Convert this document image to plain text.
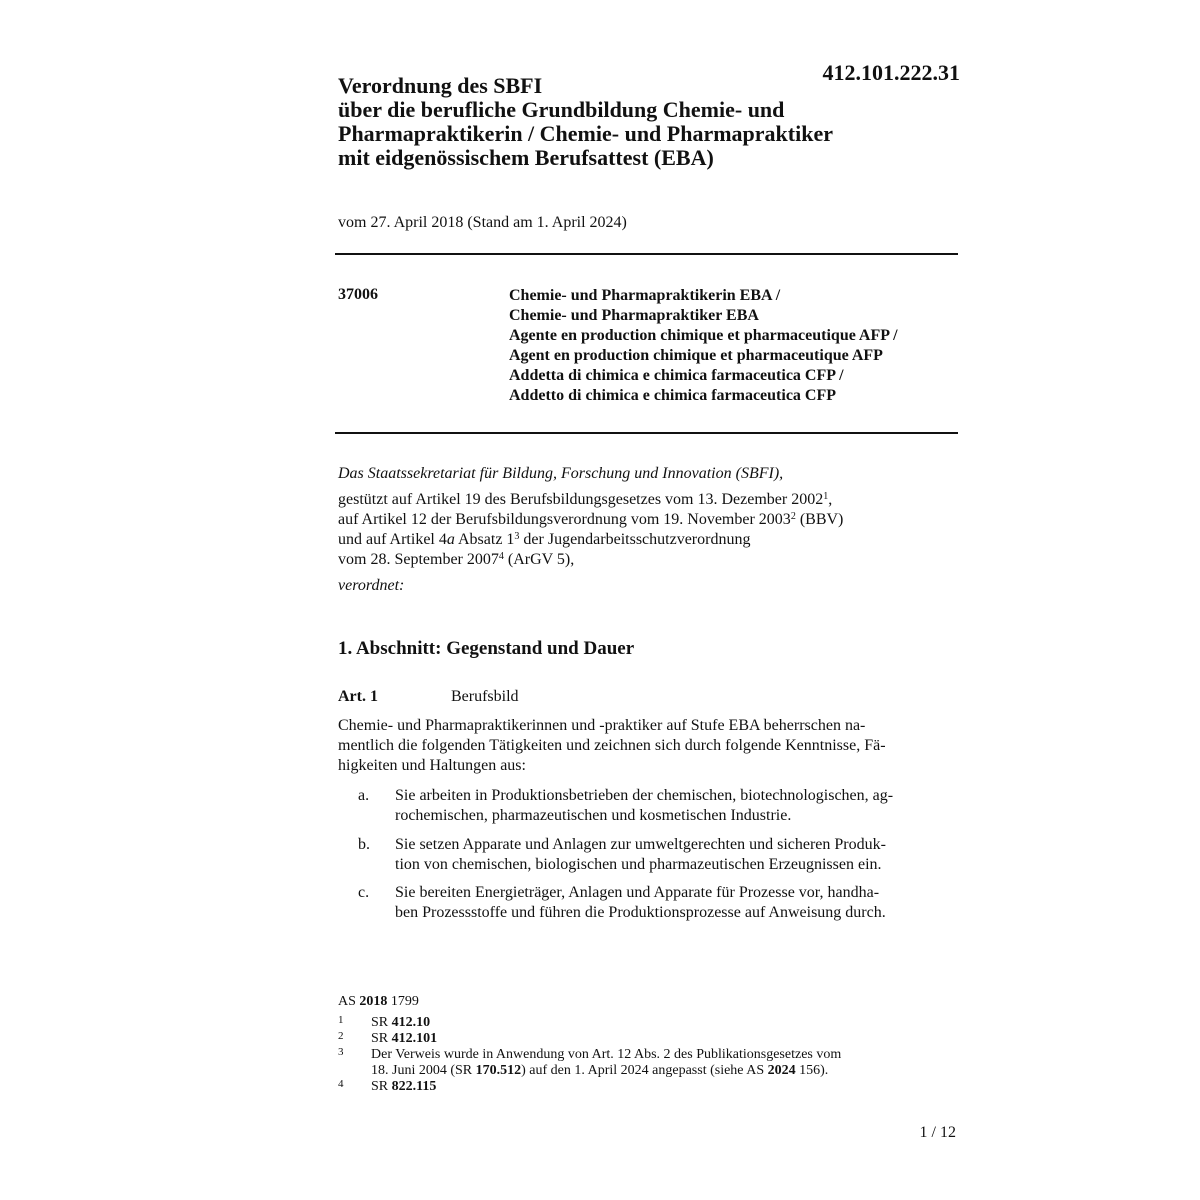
412.101.222.31
Verordnung des SBFI
über die berufliche Grundbildung Chemie- und
Pharmapraktikerin / Chemie- und Pharmapraktiker
mit eidgenössischem Berufsattest (EBA)
vom 27. April 2018 (Stand am 1. April 2024)
37006	Chemie- und Pharmapraktikerin EBA /
Chemie- und Pharmapraktiker EBA
Agente en production chimique et pharmaceutique AFP /
Agent en production chimique et pharmaceutique AFP
Addetta di chimica e chimica farmaceutica CFP /
Addetto di chimica e chimica farmaceutica CFP
Das Staatssekretariat für Bildung, Forschung und Innovation (SBFI),
gestützt auf Artikel 19 des Berufsbildungsgesetzes vom 13. Dezember 2002$^1$,
auf Artikel 12 der Berufsbildungsverordnung vom 19. November 2003$^2$ (BBV)
und auf Artikel 4a Absatz $1^3$ der Jugendarbeitsschutzverordnung
vom 28. September 2007$^4$ (ArGV 5),
verordnet:
1. Abschnitt: Gegenstand und Dauer
Art. 1	Berufsbild
Chemie- und Pharmapraktikerinnen und -praktiker auf Stufe EBA beherrschen na-
mentlich die folgenden Tätigkeiten und zeichnen sich durch folgende Kenntnisse, Fä-
higkeiten und Haltungen aus:
a.	Sie arbeiten in Produktionsbetrieben der chemischen, biotechnologischen, ag-
rochemischen, pharmazeutischen und kosmetischen Industrie.
b.	Sie setzen Apparate und Anlagen zur umweltgerechten und sicheren Produk-
tion von chemischen, biologischen und pharmazeutischen Erzeugnissen ein.
c.	Sie bereiten Energieträger, Anlagen und Apparate für Prozesse vor, handha-
ben Prozessstoffe und führen die Produktionsprozesse auf Anweisung durch.
AS 2018 1799
1 SR 412.10
2 SR 412.101
3 Der Verweis wurde in Anwendung von Art. 12 Abs. 2 des Publikationsgesetzes vom
18. Juni 2004 (SR 170.512) auf den 1. April 2024 angepasst (siehe AS 2024 156).
4 SR 822.115
1 / 12
